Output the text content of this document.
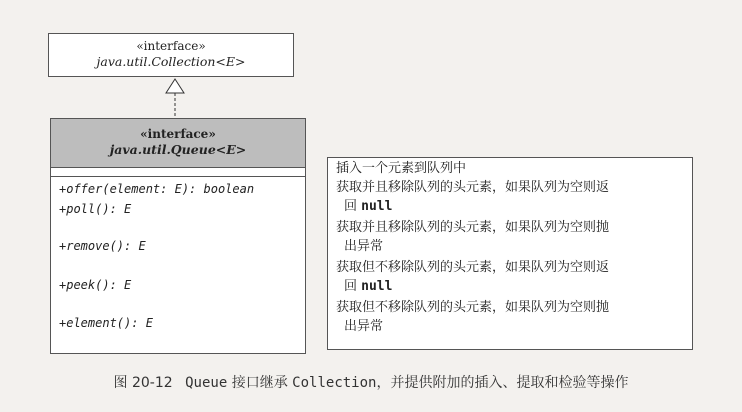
«interface»
java.util.Collection<E>
«interface»
java.util.Queue<E>
+offer(element: E): boolean
+poll(): E
+remove(): E
+peek(): E
+element(): E
插入一个元素到队列中
获取并且移除队列的头元素，如果队列为空则返
回 null
获取并且移除队列的头元素，如果队列为空则抛
出异常
获取但不移除队列的头元素，如果队列为空则返
回 null
获取但不移除队列的头元素，如果队列为空则抛
出异常
图 20-12 Queue 接口继承 Collection，并提供附加的插入、提取和检验等操作
